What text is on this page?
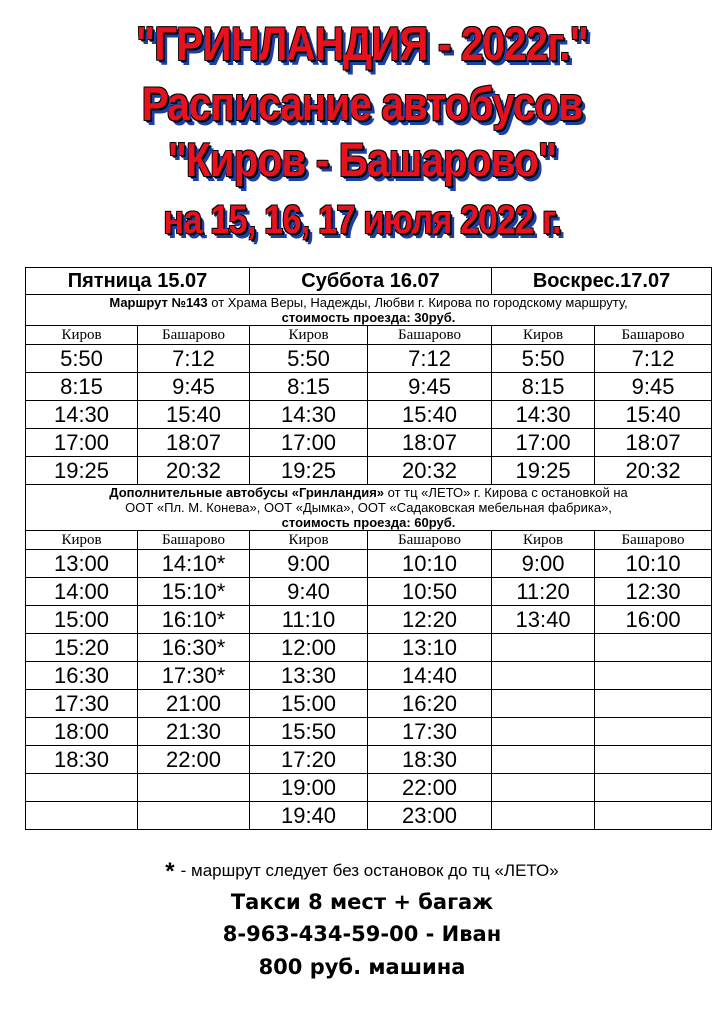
"ГРИНЛАНДИЯ - 2022г."
Расписание автобусов
"Киров - Башарово"
на 15, 16, 17 июля 2022 г.
Пятница 15.07		Суббота 16.07		Воскрес.17.07	
Маршрут №143 от Храма Веры, Надежды, Любви г. Кирова по городскому маршруту,
стоимость проезда: 30руб.					
Киров	Башарово	Киров	Башарово	Киров	Башарово
5:50	7:12	5:50	7:12	5:50	7:12
8:15	9:45	8:15	9:45	8:15	9:45
14:30	15:40	14:30	15:40	14:30	15:40
17:00	18:07	17:00	18:07	17:00	18:07
19:25	20:32	19:25	20:32	19:25	20:32
Дополнительные автобусы «Гринландия» от тц «ЛЕТО» г. Кирова с остановкой на
ООТ «Пл. М. Конева», ООТ «Дымка», ООТ «Садаковская мебельная фабрика»,
стоимость проезда: 60руб.					
Киров	Башарово	Киров	Башарово	Киров	Башарово
13:00	14:10*	9:00	10:10	9:00	10:10
14:00	15:10*	9:40	10:50	11:20	12:30
15:00	16:10*	11:10	12:20	13:40	16:00
15:20	16:30*	12:00	13:10		
16:30	17:30*	13:30	14:40		
17:30	21:00	15:00	16:20		
18:00	21:30	15:50	17:30		
18:30	22:00	17:20	18:30		
		19:00	22:00		
		19:40	23:00		
* - маршрут следует без остановок до тц «ЛЕТО»
Такси 8 мест + багаж
8-963-434-59-00 - Иван
800 руб. машина
